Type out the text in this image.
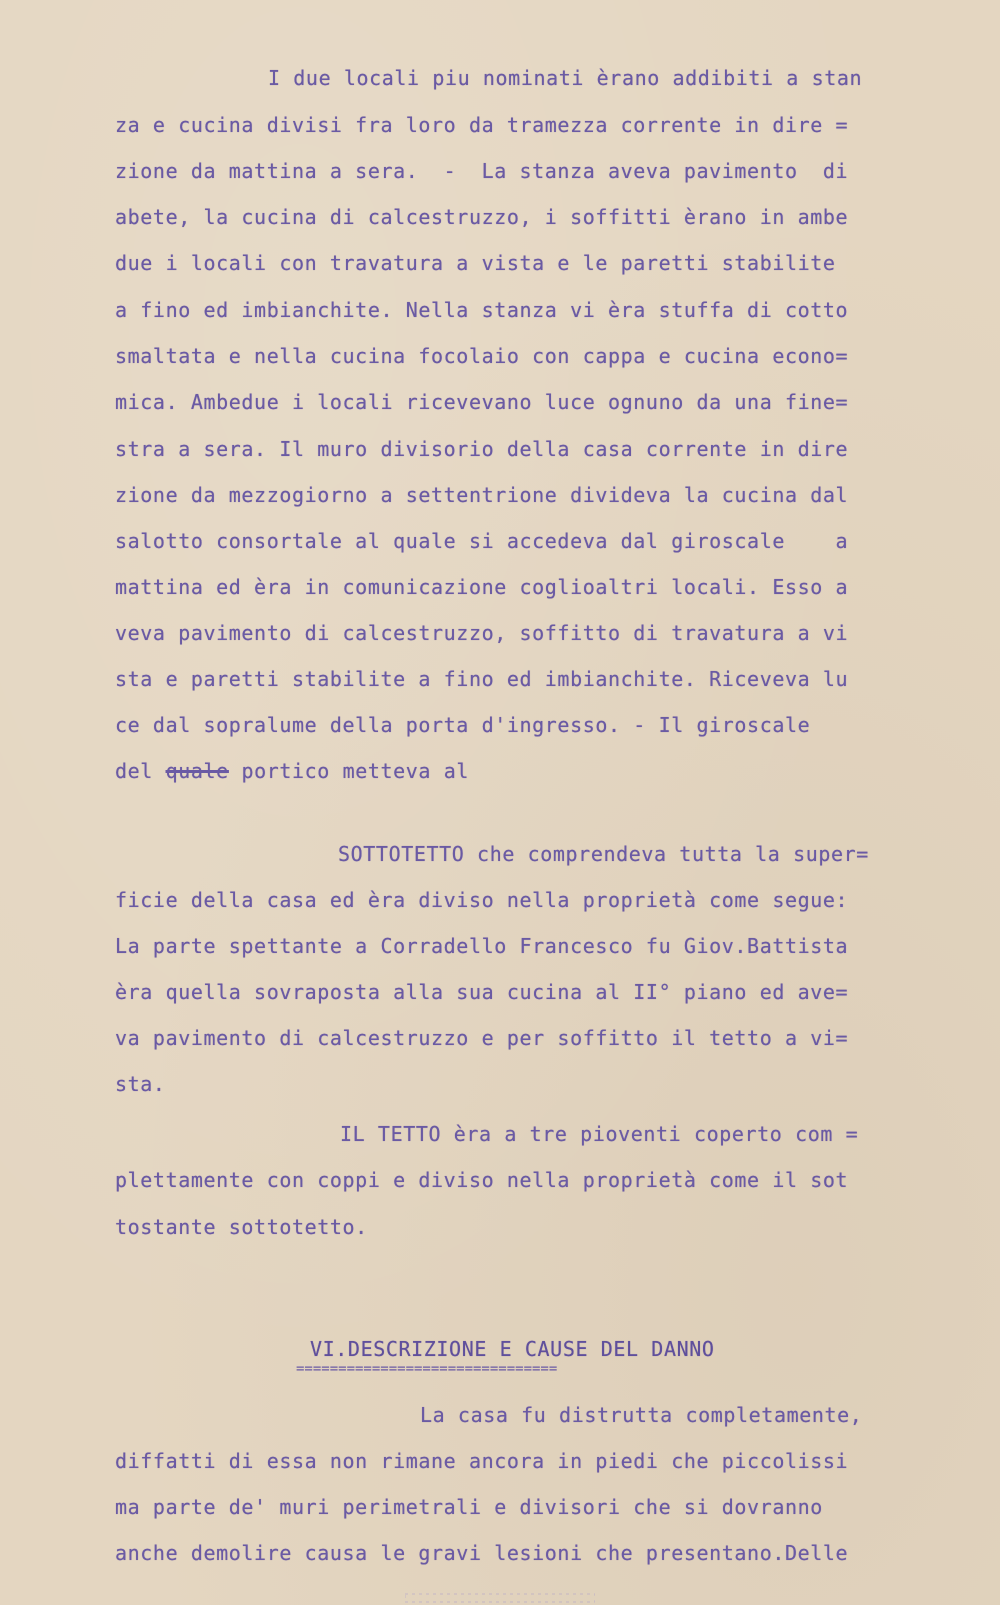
I due locali piu nominati èrano addibiti a stan
za e cucina divisi fra loro da tramezza corrente in dire =
zione da mattina a sera.  -  La stanza aveva pavimento  di
abete, la cucina di calcestruzzo, i soffitti èrano in ambe
due i locali con travatura a vista e le paretti stabilite
a fino ed imbianchite. Nella stanza vi èra stuffa di cotto
smaltata e nella cucina focolaio con cappa e cucina econo=
mica. Ambedue i locali ricevevano luce ognuno da una fine=
stra a sera. Il muro divisorio della casa corrente in dire
zione da mezzogiorno a settentrione divideva la cucina dal
salotto consortale al quale si accedeva dal giroscale    a
mattina ed èra in comunicazione coglioaltri locali. Esso a
veva pavimento di calcestruzzo, soffitto di travatura a vi
sta e paretti stabilite a fino ed imbianchite. Riceveva lu
ce dal sopralume della porta d'ingresso. - Il giroscale
del quale portico metteva al
SOTTOTETTO che comprendeva tutta la super=
ficie della casa ed èra diviso nella proprietà come segue:
La parte spettante a Corradello Francesco fu Giov.Battista
èra quella sovraposta alla sua cucina al II° piano ed ave=
va pavimento di calcestruzzo e per soffitto il tetto a vi=
sta.
IL TETTO èra a tre pioventi coperto com =
plettamente con coppi e diviso nella proprietà come il sot
tostante sottotetto.
VI.DESCRIZIONE E CAUSE DEL DANNO
===============================
La casa fu distrutta completamente,
diffatti di essa non rimane ancora in piedi che piccolissi
ma parte de' muri perimetrali e divisori che si dovranno
anche demolire causa le gravi lesioni che presentano.Delle
